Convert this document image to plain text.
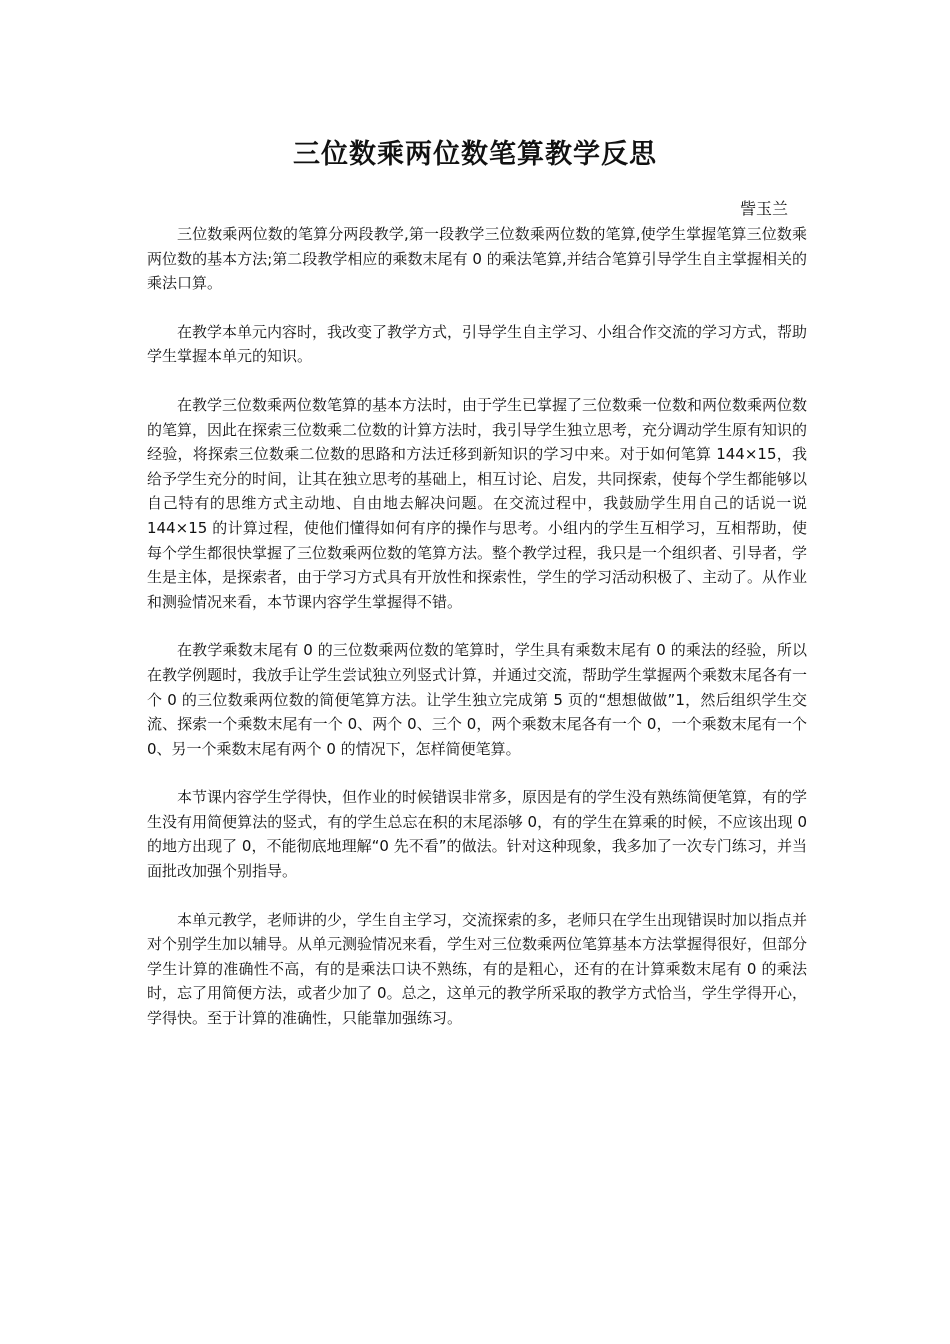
三位数乘两位数笔算教学反思
訾玉兰

三位数乘两位数的笔算分两段教学,第一段教学三位数乘两位数的笔算,使学生掌握笔算三位数乘两位数的基本方法;第二段教学相应的乘数末尾有 0 的乘法笔算,并结合笔算引导学生自主掌握相关的乘法口算。

在教学本单元内容时，我改变了教学方式，引导学生自主学习、小组合作交流的学习方式，帮助学生掌握本单元的知识。

在教学三位数乘两位数笔算的基本方法时，由于学生已掌握了三位数乘一位数和两位数乘两位数的笔算，因此在探索三位数乘二位数的计算方法时，我引导学生独立思考，充分调动学生原有知识的经验，将探索三位数乘二位数的思路和方法迁移到新知识的学习中来。对于如何笔算 144×15，我给予学生充分的时间，让其在独立思考的基础上，相互讨论、启发，共同探索，使每个学生都能够以自己特有的思维方式主动地、自由地去解决问题。在交流过程中，我鼓励学生用自己的话说一说 144×15 的计算过程，使他们懂得如何有序的操作与思考。小组内的学生互相学习，互相帮助，使每个学生都很快掌握了三位数乘两位数的笔算方法。整个教学过程，我只是一个组织者、引导者，学生是主体，是探索者，由于学习方式具有开放性和探索性，学生的学习活动积极了、主动了。从作业和测验情况来看，本节课内容学生掌握得不错。

在教学乘数末尾有 0 的三位数乘两位数的笔算时，学生具有乘数末尾有 0 的乘法的经验，所以在教学例题时，我放手让学生尝试独立列竖式计算，并通过交流，帮助学生掌握两个乘数末尾各有一个 0 的三位数乘两位数的简便笔算方法。让学生独立完成第 5 页的“想想做做”1，然后组织学生交流、探索一个乘数末尾有一个 0、两个 0、三个 0，两个乘数末尾各有一个 0，一个乘数末尾有一个 0、另一个乘数末尾有两个 0 的情况下，怎样简便笔算。

本节课内容学生学得快，但作业的时候错误非常多，原因是有的学生没有熟练简便笔算，有的学生没有用简便算法的竖式，有的学生总忘在积的末尾添够 0，有的学生在算乘的时候，不应该出现 0 的地方出现了 0，不能彻底地理解“0 先不看”的做法。针对这种现象，我多加了一次专门练习，并当面批改加强个别指导。

本单元教学，老师讲的少，学生自主学习，交流探索的多，老师只在学生出现错误时加以指点并对个别学生加以辅导。从单元测验情况来看，学生对三位数乘两位笔算基本方法掌握得很好，但部分学生计算的准确性不高，有的是乘法口诀不熟练，有的是粗心，还有的在计算乘数末尾有 0 的乘法时，忘了用简便方法，或者少加了 0。总之，这单元的教学所采取的教学方式恰当，学生学得开心，学得快。至于计算的准确性，只能靠加强练习。
